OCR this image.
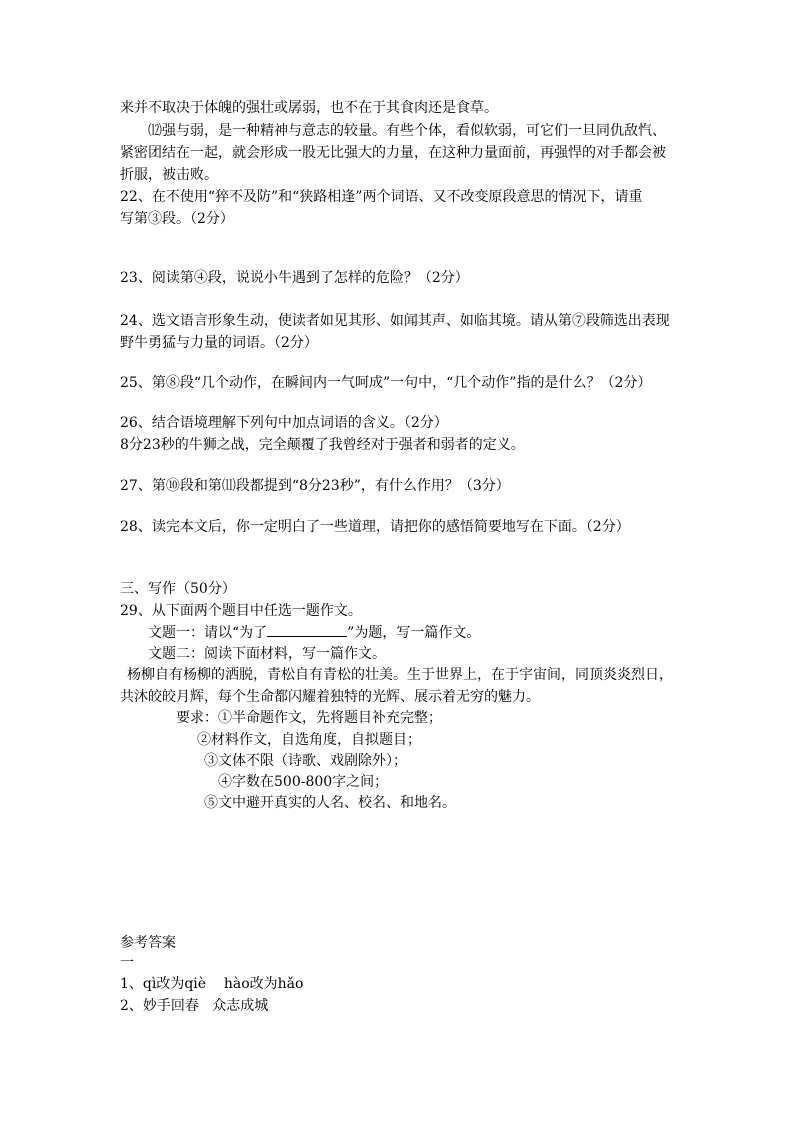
来并不取决于体魄的强壮或孱弱，也不在于其食肉还是食草。
⑿强与弱，是一种精神与意志的较量。有些个体，看似软弱，可它们一旦同仇敌忾、
紧密团结在一起，就会形成一股无比强大的力量，在这种力量面前，再强悍的对手都会被
折服，被击败。
22、在不使用“猝不及防”和“狭路相逢”两个词语、又不改变原段意思的情况下，请重
写第③段。（2分）
23、阅读第④段，说说小牛遇到了怎样的危险？（2分）
24、选文语言形象生动，使读者如见其形、如闻其声、如临其境。请从第⑦段筛选出表现
野牛勇猛与力量的词语。（2分）
25、第⑧段“几个动作，在瞬间内一气呵成”一句中，“几个动作”指的是什么？（2分）
26、结合语境理解下列句中加点词语的含义。（2分）
8分23秒的牛狮之战，完全颠覆了我曾经对于强者和弱者的定义。
27、第⑩段和第⑾段都提到“8分23秒”，有什么作用？（3分）
28、读完本文后，你一定明白了一些道理，请把你的感悟简要地写在下面。（2分）
三、写作（50分）
29、从下面两个题目中任选一题作文。
文题一：请以“为了	”为题，写一篇作文。
文题二：阅读下面材料，写一篇作文。
杨柳自有杨柳的洒脱，青松自有青松的壮美。生于世界上，在于宇宙间，同顶炎炎烈日，
共沐皎皎月辉，每个生命都闪耀着独特的光辉、展示着无穷的魅力。
要求：①半命题作文，先将题目补充完整；
②材料作文，自选角度，自拟题目；
③文体不限（诗歌、戏剧除外）；
④字数在500-800字之间；
⑤文中避开真实的人名、校名、和地名。
参考答案
一
1、qì改为qiè    hào改为hǎo
2、妙手回春   众志成城
